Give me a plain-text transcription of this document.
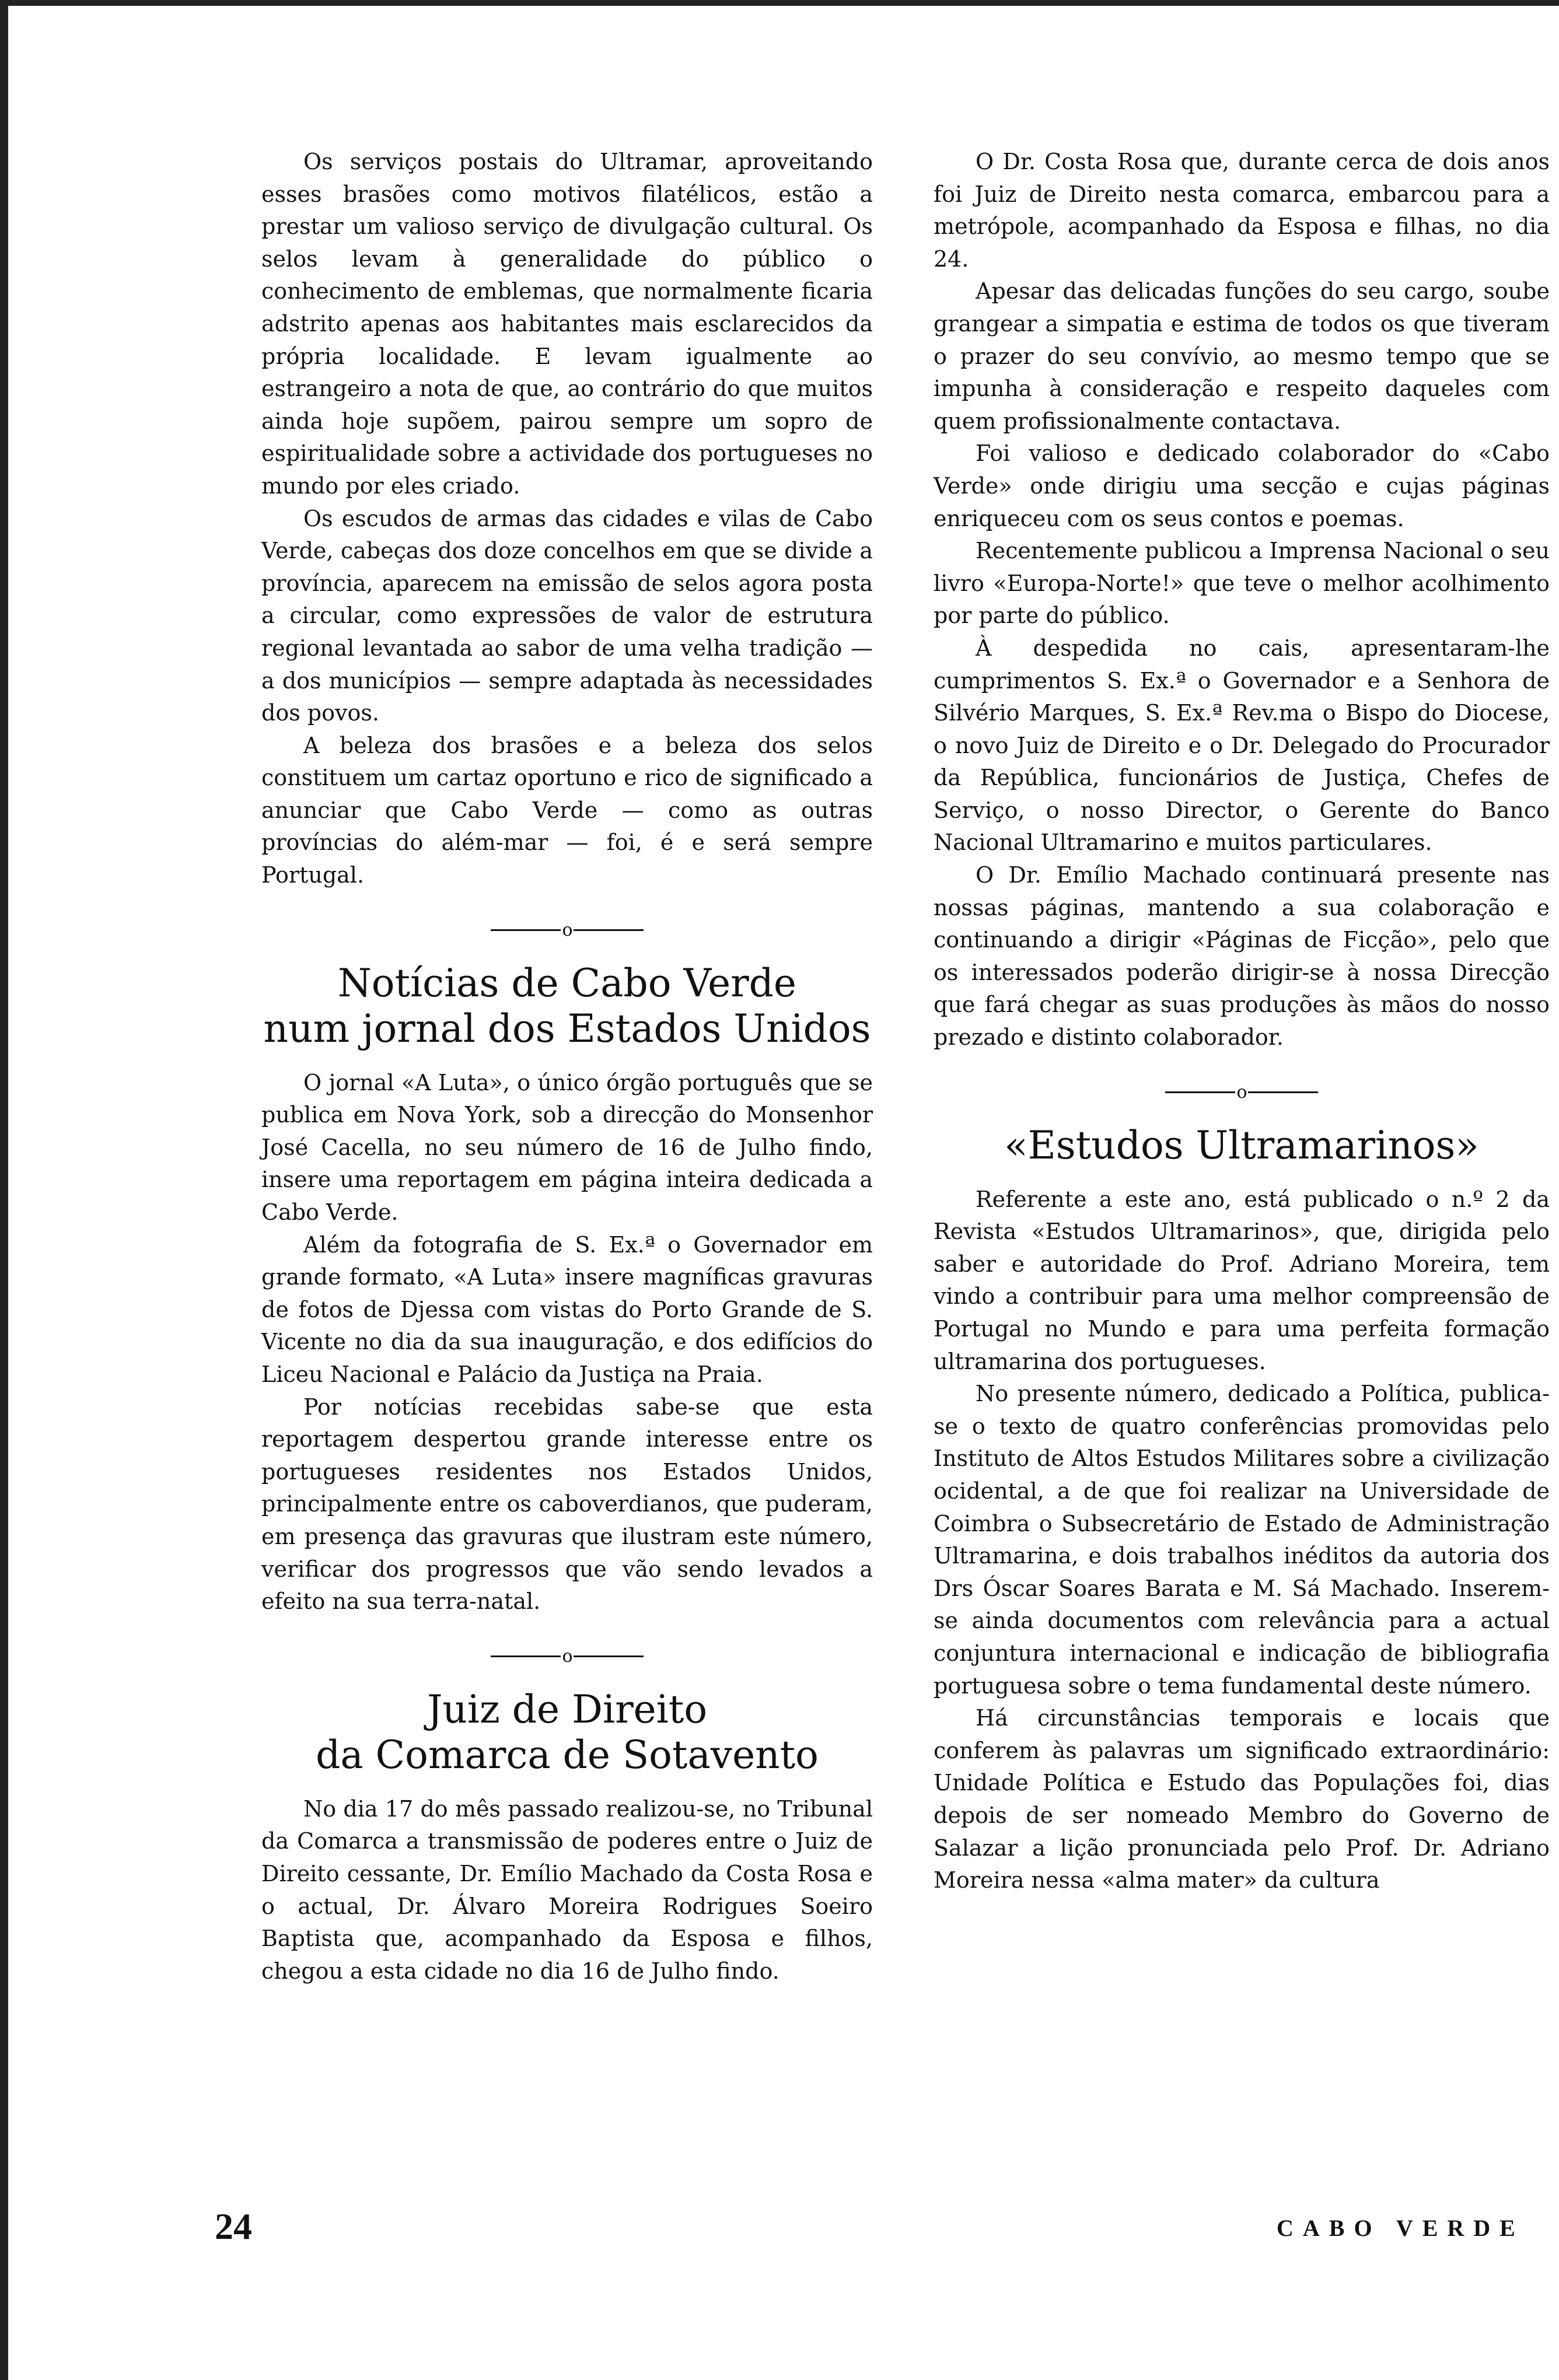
Os serviços postais do Ultramar, aproveitando esses brasões como motivos filatélicos, estão a prestar um valioso serviço de divulgação cultural. Os selos levam à generalidade do público o conhecimento de emblemas, que normalmente ficaria adstrito apenas aos habitantes mais esclarecidos da própria localidade. E levam igualmente ao estrangeiro a nota de que, ao contrário do que muitos ainda hoje supõem, pairou sempre um sopro de espiritualidade sobre a actividade dos portugueses no mundo por eles criado.

Os escudos de armas das cidades e vilas de Cabo Verde, cabeças dos doze concelhos em que se divide a província, aparecem na emissão de selos agora posta a circular, como expressões de valor de estrutura regional levantada ao sabor de uma velha tradição — a dos municípios — sempre adaptada às necessidades dos povos.

A beleza dos brasões e a beleza dos selos constituem um cartaz oportuno e rico de significado a anunciar que Cabo Verde — como as outras províncias do além-mar — foi, é e será sempre Portugal.

o
Notícias de Cabo Verde
num jornal dos Estados Unidos

O jornal «A Luta», o único órgão português que se publica em Nova York, sob a direcção do Monsenhor José Cacella, no seu número de 16 de Julho findo, insere uma reportagem em página inteira dedicada a Cabo Verde.

Além da fotografia de S. Ex.ª o Governador em grande formato, «A Luta» insere magníficas gravuras de fotos de Djessa com vistas do Porto Grande de S. Vicente no dia da sua inauguração, e dos edifícios do Liceu Nacional e Palácio da Justiça na Praia.

Por notícias recebidas sabe-se que esta reportagem despertou grande interesse entre os portugueses residentes nos Estados Unidos, principalmente entre os caboverdianos, que puderam, em presença das gravuras que ilustram este número, verificar dos progressos que vão sendo levados a efeito na sua terra-natal.

o
Juiz de Direito
da Comarca de Sotavento

No dia 17 do mês passado realizou-se, no Tribunal da Comarca a transmissão de poderes entre o Juiz de Direito cessante, Dr. Emílio Machado da Costa Rosa e o actual, Dr. Álvaro Moreira Rodrigues Soeiro Baptista que, acompanhado da Esposa e filhos, chegou a esta cidade no dia 16 de Julho findo.

O Dr. Costa Rosa que, durante cerca de dois anos foi Juiz de Direito nesta comarca, embarcou para a metrópole, acompanhado da Esposa e filhas, no dia 24.

Apesar das delicadas funções do seu cargo, soube grangear a simpatia e estima de todos os que tiveram o prazer do seu convívio, ao mesmo tempo que se impunha à consideração e respeito daqueles com quem profissionalmente contactava.

Foi valioso e dedicado colaborador do «Cabo Verde» onde dirigiu uma secção e cujas páginas enriqueceu com os seus contos e poemas.

Recentemente publicou a Imprensa Nacional o seu livro «Europa-Norte!» que teve o melhor acolhimento por parte do público.

À despedida no cais, apresentaram-lhe cumprimentos S. Ex.ª o Governador e a Senhora de Silvério Marques, S. Ex.ª Rev.ma o Bispo do Diocese, o novo Juiz de Direito e o Dr. Delegado do Procurador da República, funcionários de Justiça, Chefes de Serviço, o nosso Director, o Gerente do Banco Nacional Ultramarino e muitos particulares.

O Dr. Emílio Machado continuará presente nas nossas páginas, mantendo a sua colaboração e continuando a dirigir «Páginas de Ficção», pelo que os interessados poderão dirigir-se à nossa Direcção que fará chegar as suas produções às mãos do nosso prezado e distinto colaborador.

o
«Estudos Ultramarinos»

Referente a este ano, está publicado o n.º 2 da Revista «Estudos Ultramarinos», que, dirigida pelo saber e autoridade do Prof. Adriano Moreira, tem vindo a contribuir para uma melhor compreensão de Portugal no Mundo e para uma perfeita formação ultramarina dos portugueses.

No presente número, dedicado a Política, publica-se o texto de quatro conferências promovidas pelo Instituto de Altos Estudos Militares sobre a civilização ocidental, a de que foi realizar na Universidade de Coimbra o Subsecretário de Estado de Administração Ultramarina, e dois trabalhos inéditos da autoria dos Drs Óscar Soares Barata e M. Sá Machado. Inserem-se ainda documentos com relevância para a actual conjuntura internacional e indicação de bibliografia portuguesa sobre o tema fundamental deste número.

Há circunstâncias temporais e locais que conferem às palavras um significado extraordinário: Unidade Política e Estudo das Populações foi, dias depois de ser nomeado Membro do Governo de Salazar a lição pronunciada pelo Prof. Dr. Adriano Moreira nessa «alma mater» da cultura

24	CABO VERDE
